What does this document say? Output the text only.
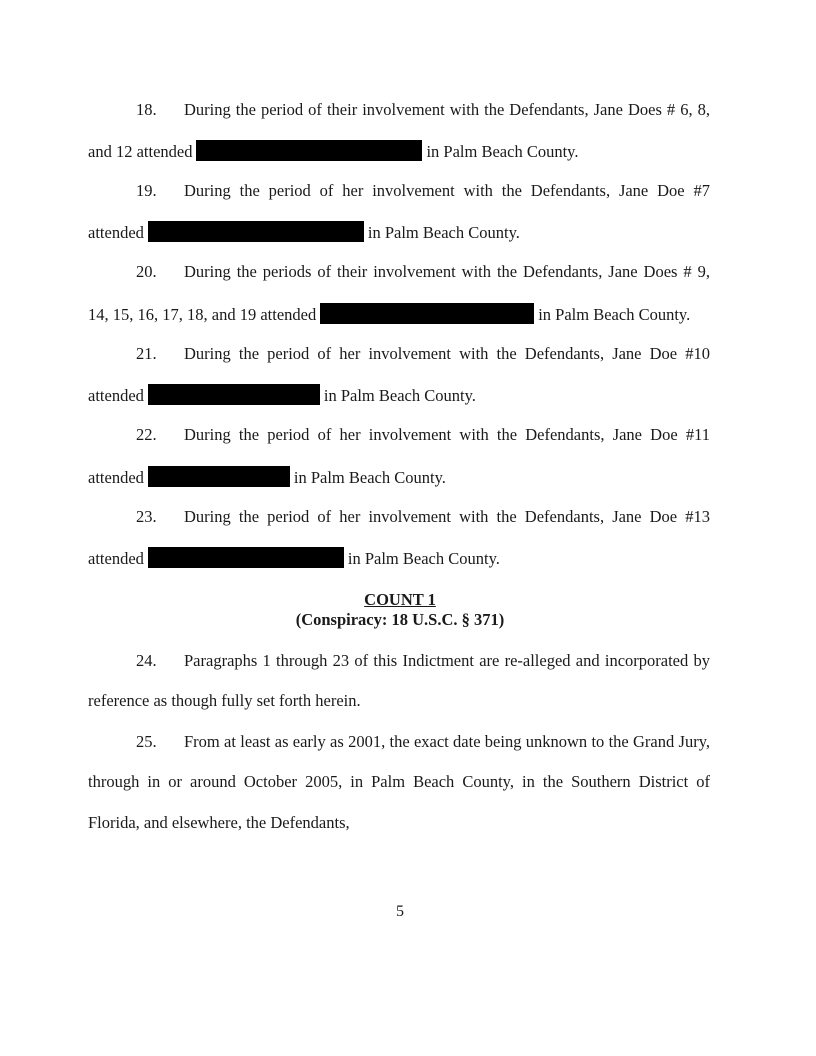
18. During the period of their involvement with the Defendants, Jane Does # 6, 8,
and 12 attended	in Palm Beach County.
19. During the period of her involvement with the Defendants, Jane Doe #7
attended	in Palm Beach County.
20. During the periods of their involvement with the Defendants, Jane Does # 9,
14, 15, 16, 17, 18, and 19 attended	in Palm Beach County.
21. During the period of her involvement with the Defendants, Jane Doe #10
attended	in Palm Beach County.
22. During the period of her involvement with the Defendants, Jane Doe #11
attended	in Palm Beach County.
23. During the period of her involvement with the Defendants, Jane Doe #13
attended	in Palm Beach County.
COUNT 1
(Conspiracy: 18 U.S.C. § 371)
24. Paragraphs 1 through 23 of this Indictment are re-alleged and incorporated by
reference as though fully set forth herein.
25. From at least as early as 2001, the exact date being unknown to the Grand Jury,
through in or around October 2005, in Palm Beach County, in the Southern District of
Florida, and elsewhere, the Defendants,
5
